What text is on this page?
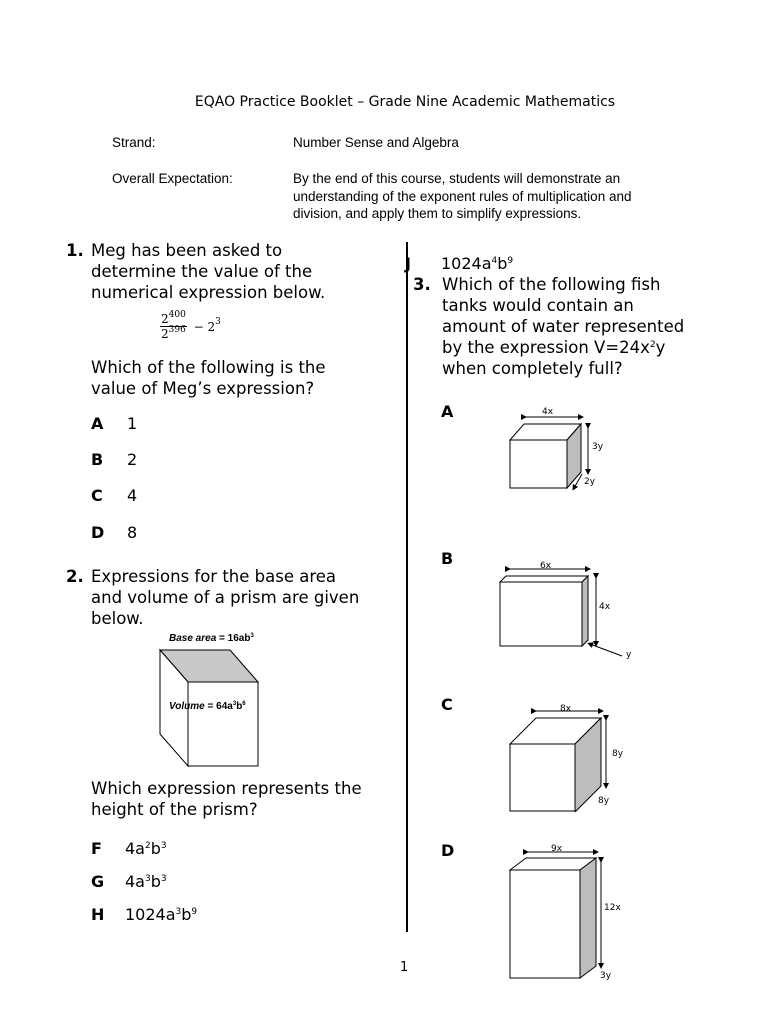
EQAO Practice Booklet – Grade Nine Academic Mathematics
Strand:	Number Sense and Algebra
Overall Expectation:	By the end of this course, students will demonstrate an
understanding of the exponent rules of multiplication and
division, and apply them to simplify expressions.
1. Meg has been asked to
determine the value of the
numerical expression below.
$\frac{2^{400}}{2^{396}} - 2^3$
Which of the following is the
value of Meg’s expression?
A 1
B 2
C 4
D 8
2. Expressions for the base area
and volume of a prism are given
below.
Base area = $16ab^3$
Volume = $64a^3b^6$
Which expression represents the
height of the prism?
F $4a^2b^3$
G $4a^3b^3$
H $1024a^3b^9$
J $1024a^4b^9$
3. Which of the following fish
tanks would contain an
amount of water represented
by the expression $V=24x^2y$
when completely full?
A
B
C
D
4x
3y
2y
6x
4x
y
8x
8y
8y
9x
12x
3y
1
